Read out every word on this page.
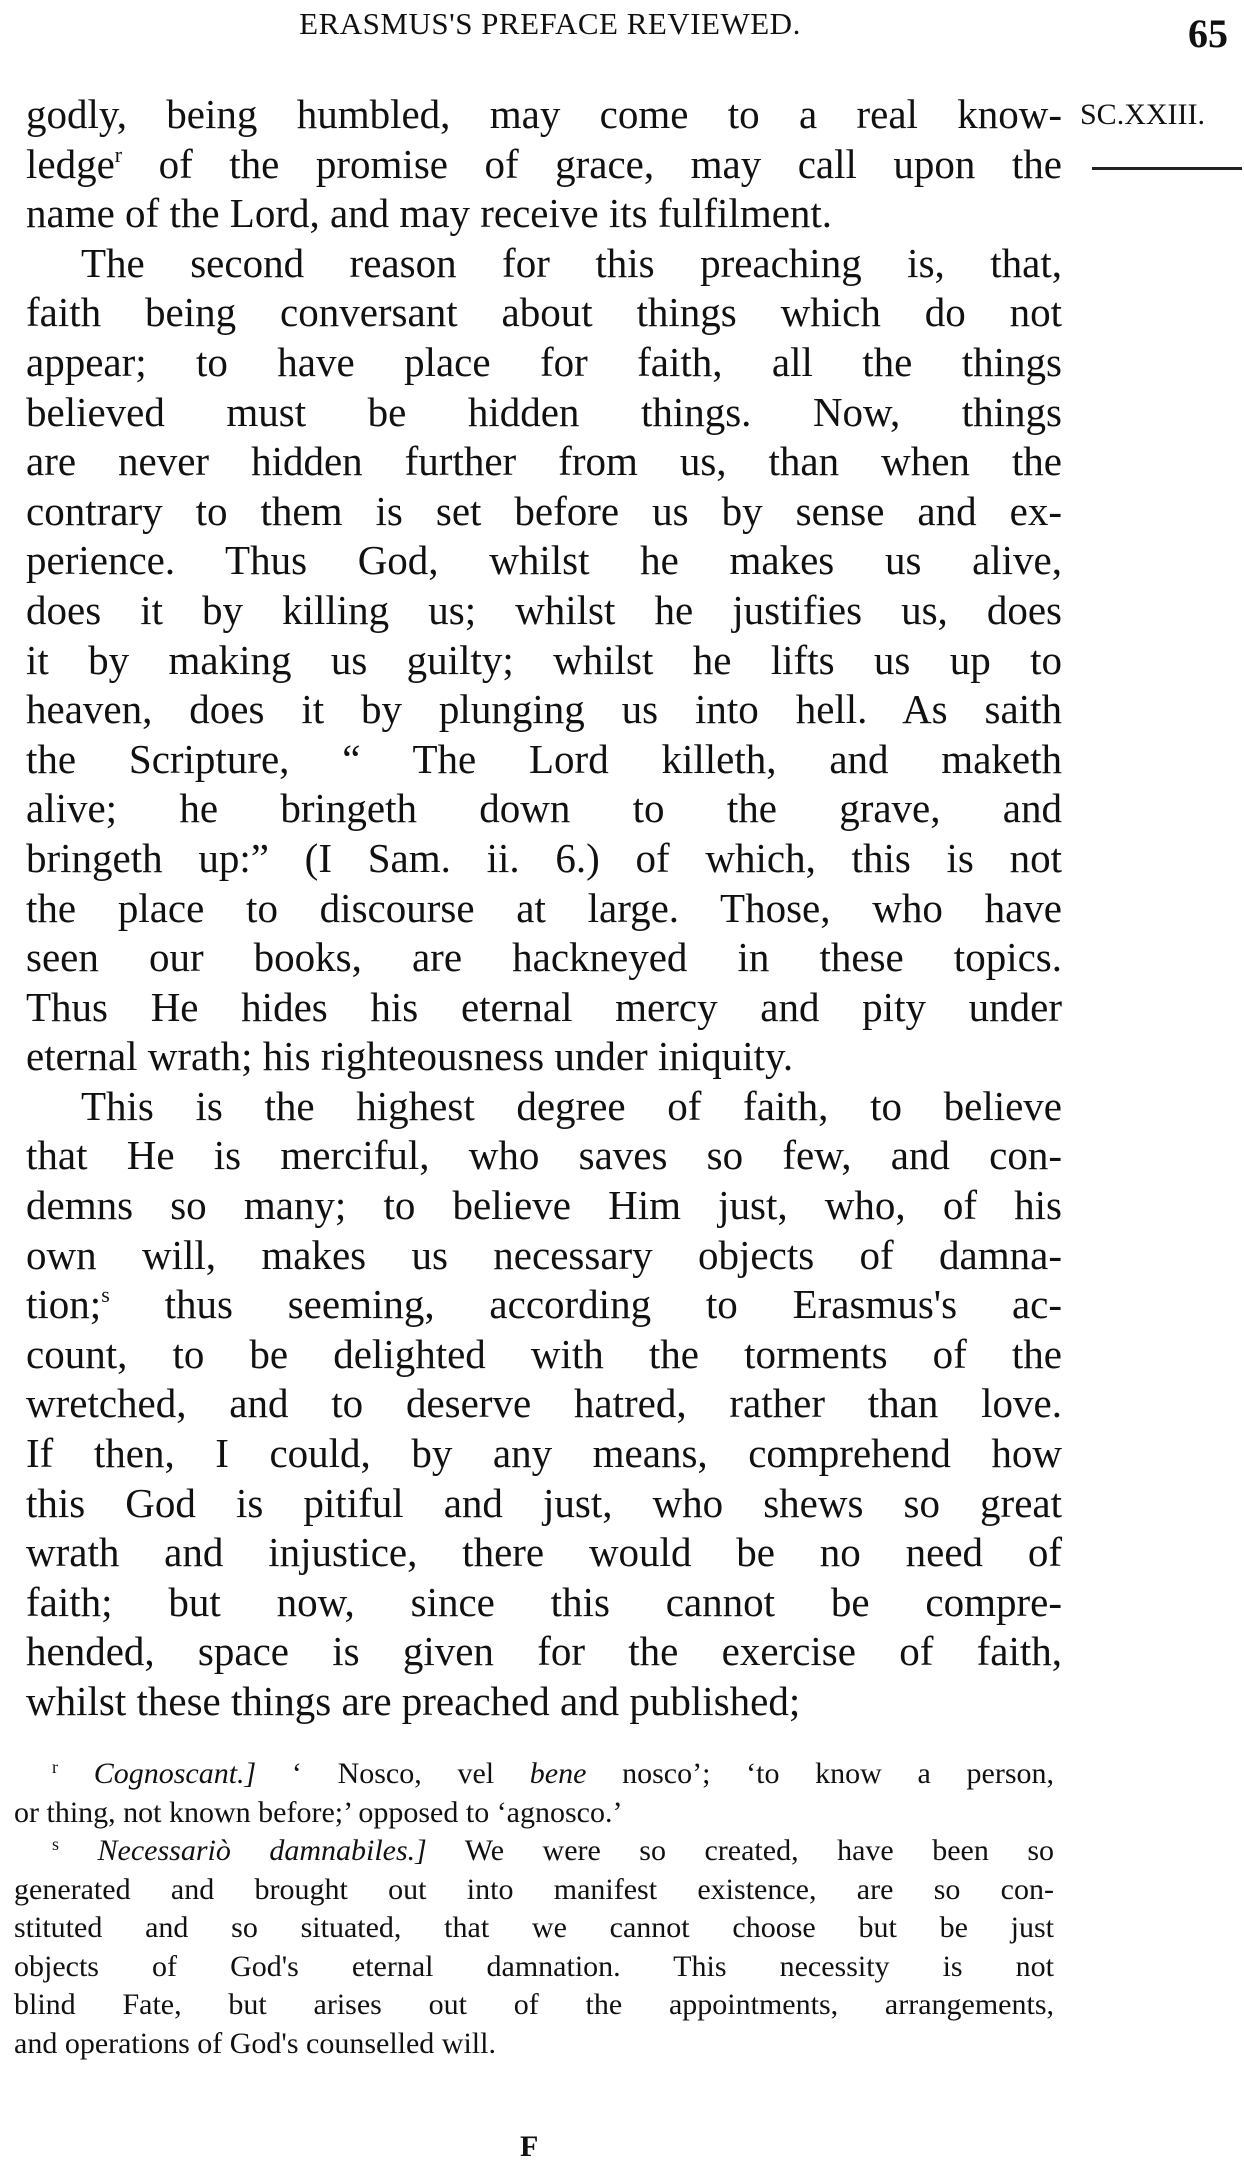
ERASMUS'S PREFACE REVIEWED.	65
SC.XXIII.
godly, being humbled, may come to a real know-
ledge$^r$ of the promise of grace, may call upon the
name of the Lord, and may receive its fulfilment.
The second reason for this preaching is, that,
faith being conversant about things which do not
appear; to have place for faith, all the things
believed must be hidden things. Now, things
are never hidden further from us, than when the
contrary to them is set before us by sense and ex-
perience. Thus God, whilst he makes us alive,
does it by killing us; whilst he justifies us, does
it by making us guilty; whilst he lifts us up to
heaven, does it by plunging us into hell. As saith
the Scripture, “ The Lord killeth, and maketh
alive; he bringeth down to the grave, and
bringeth up:” (I Sam. ii. 6.) of which, this is not
the place to discourse at large. Those, who have
seen our books, are hackneyed in these topics.
Thus He hides his eternal mercy and pity under
eternal wrath; his righteousness under iniquity.
This is the highest degree of faith, to believe
that He is merciful, who saves so few, and con-
demns so many; to believe Him just, who, of his
own will, makes us necessary objects of damna-
tion;$^s$ thus seeming, according to Erasmus's ac-
count, to be delighted with the torments of the
wretched, and to deserve hatred, rather than love.
If then, I could, by any means, comprehend how
this God is pitiful and just, who shews so great
wrath and injustice, there would be no need of
faith; but now, since this cannot be compre-
hended, space is given for the exercise of faith,
whilst these things are preached and published;
$^r$ Cognoscant.] ‘ Nosco, vel bene nosco’; ‘to know a person,
or thing, not known before;’ opposed to ‘agnosco.’
$^s$ Necessariò damnabiles.] We were so created, have been so
generated and brought out into manifest existence, are so con-
stituted and so situated, that we cannot choose but be just
objects of God's eternal damnation. This necessity is not
blind Fate, but arises out of the appointments, arrangements,
and operations of God's counselled will.
F
